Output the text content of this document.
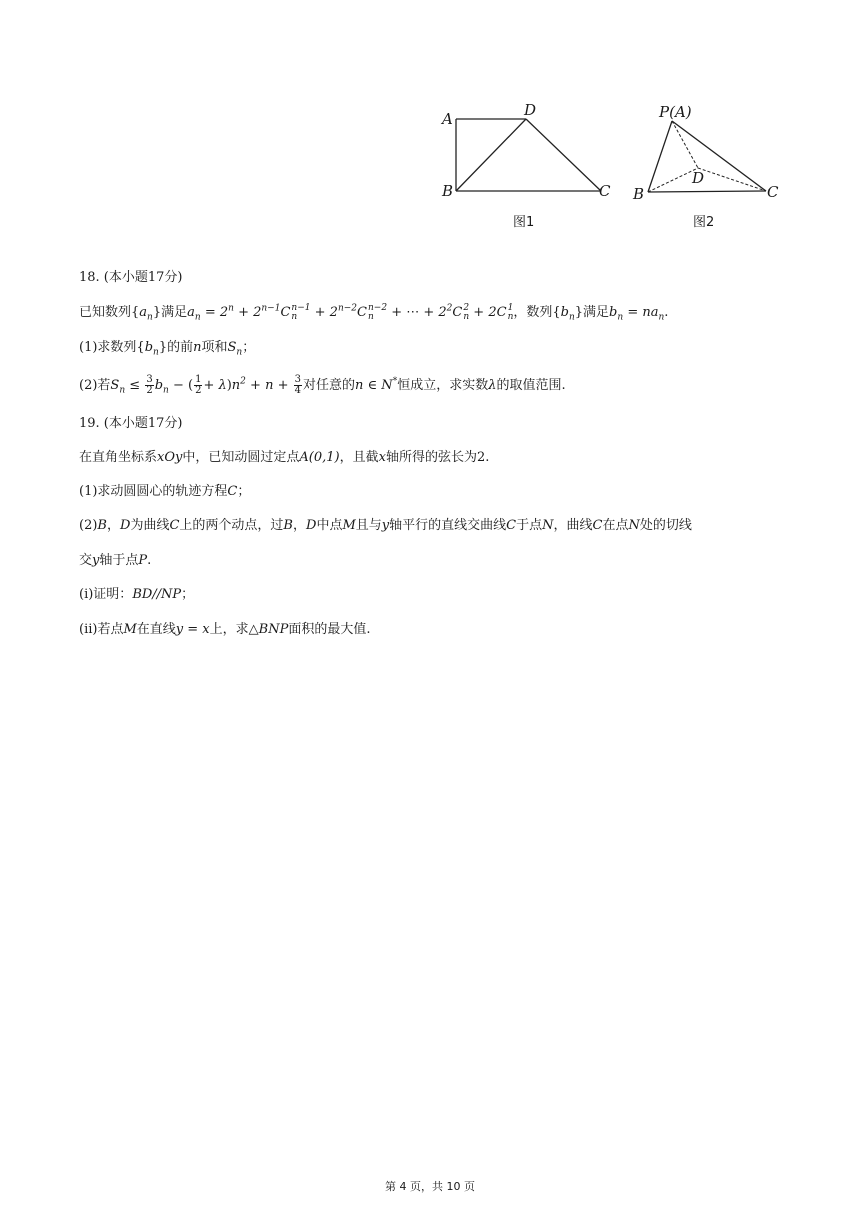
A	D
B	C
图1
P(A)
D
B	C
图2
18. (本小题17分)
已知数列$\{a_n\}$满足$a_n = 2^n + 2^{n-1}C$ n−1
n	+ $2^{n-2}C$ n−2
n	+ ⋯ + $2^2C$ 2
n + 2C 1
n ，数列$\{b_n\}$满足$b_n = na_n$.
(1)求数列$\{b_n\}$的前n项和$S_n$；
(2)若$S_n \le \frac{3}{2} b_n$ − ( $\frac{1}{2} + \lambda)n^2 + n + \frac{3}{4}$ 对任意的n ∈ N*恒成立，求实数λ的取值范围.
19. (本小题17分)
在直角坐标系xOy中，已知动圆过定点A(0,1)，且截x轴所得的弦长为2.
(1)求动圆圆心的轨迹方程C；
(2)B，D为曲线C上的两个动点，过B，D中点M且与y轴平行的直线交曲线C于点N，曲线C在点N处的切线
交y轴于点P.
(ⅰ)证明：BD//NP；
(ⅱ)若点M在直线y = x上，求△BNP面积的最大值.
第 4 页，共 10 页
